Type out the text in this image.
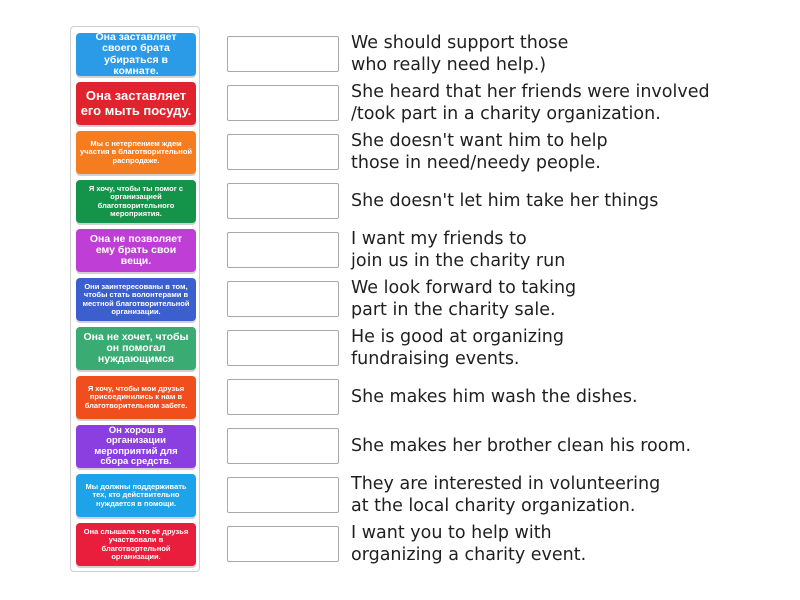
Она заставляет своего брата убираться в комнате.
Она заставляет его мыть посуду.
Мы с нетерпением ждем участия в благотворительной распродаже.
Я хочу, чтобы ты помог с организацией благотворительного мероприятия.
Она не позволяет ему брать свои вещи.
Они заинтересованы в том, чтобы стать волонтерами в местной благотворительной организации.
Она не хочет, чтобы он помогал нуждающимся
Я хочу, чтобы мои друзья присоединились к нам в благотворительном забеге.
Он хорош в организации мероприятий для сбора средств.
Мы должны поддерживать тех, кто действительно нуждается в помощи.
Она слышала что её друзья участвовали в благотвортельной организации.
We should support those
who really need help.)
She heard that her friends were involved
/took part in a charity organization.
She doesn't want him to help
those in need/needy people.
She doesn't let him take her things
I want my friends to
join us in the charity run
We look forward to taking
part in the charity sale.
He is good at organizing
fundraising events.
She makes him wash the dishes.
She makes her brother clean his room.
They are interested in volunteering
at the local charity organization.
I want you to help with
organizing a charity event.
